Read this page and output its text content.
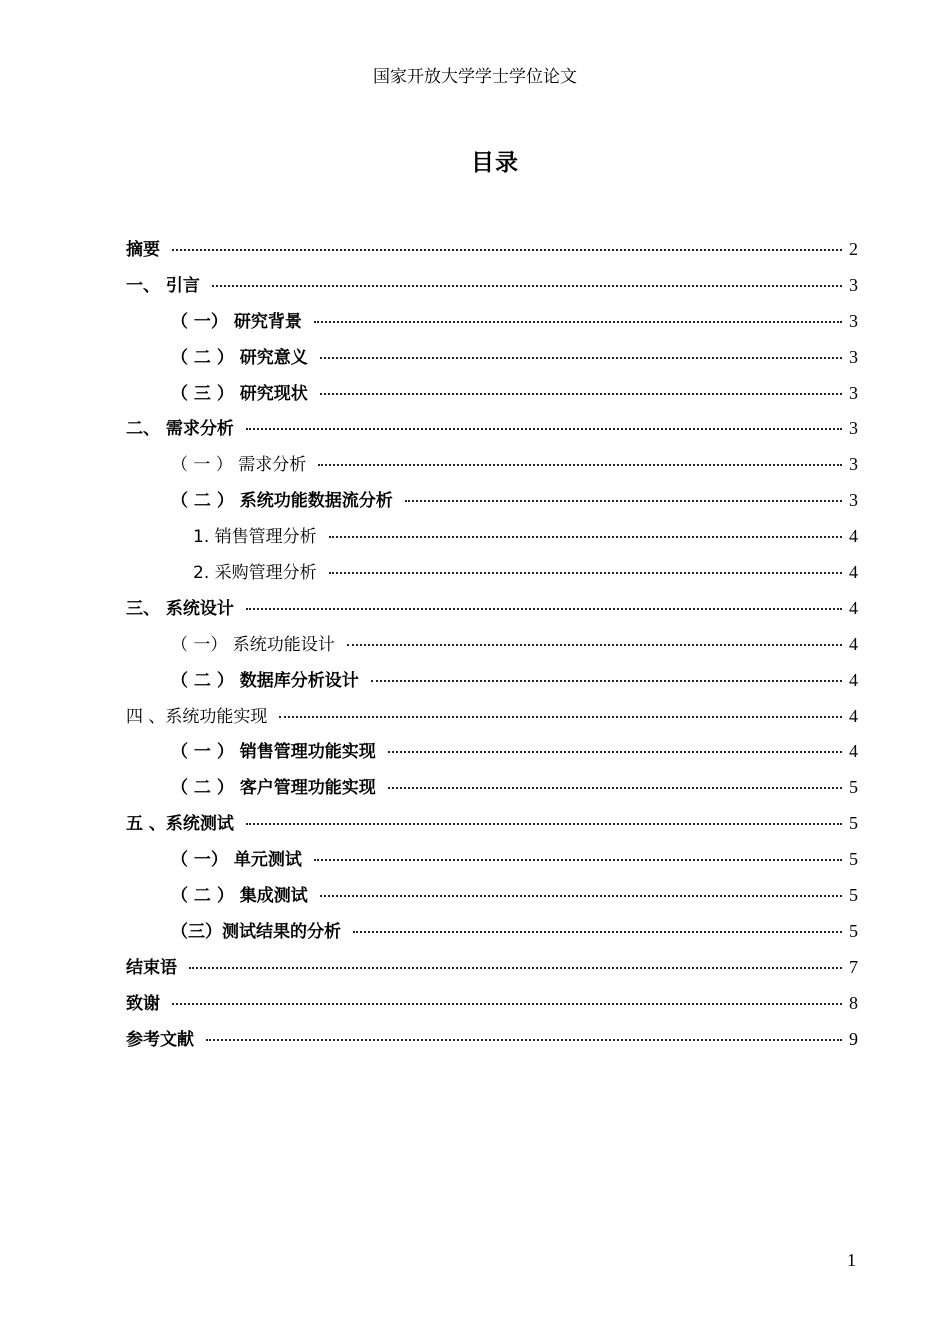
国家开放大学学士学位论文
目录
摘要	2
一、 引言	3
（ 一） 研究背景	3
（ 二 ） 研究意义	3
（ 三 ） 研究现状	3
二、 需求分析	3
（ 一 ） 需求分析	3
（ 二 ） 系统功能数据流分析	3
1. 销售管理分析	4
2. 采购管理分析	4
三、 系统设计	4
（ 一） 系统功能设计	4
（ 二 ） 数据库分析设计	4
四 、系统功能实现	4
（ 一 ） 销售管理功能实现	4
（ 二 ） 客户管理功能实现	5
五 、系统测试	5
（ 一） 单元测试	5
（ 二 ） 集成测试	5
（三）测试结果的分析	5
结束语	7
致谢	8
参考文献	9
1
